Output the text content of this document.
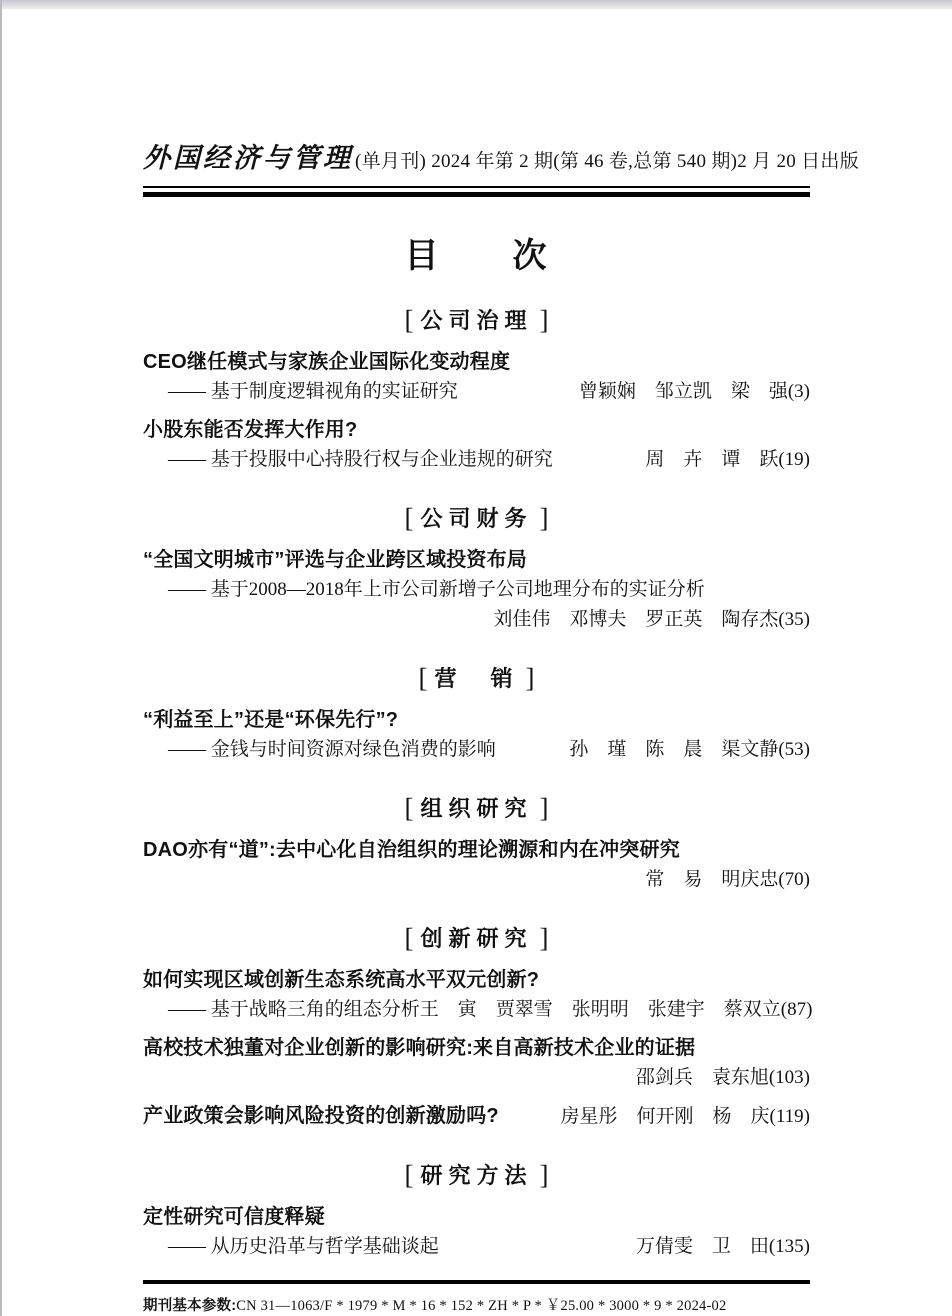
外国经济与管理 (单月刊) 2024 年第 2 期(第 46 卷,总第 540 期)2 月 20 日出版
目　　次
[ 公司治理 ]
CEO继任模式与家族企业国际化变动程度
—— 基于制度逻辑视角的实证研究	曾颖娴　邹立凯　梁　强(3)
小股东能否发挥大作用?
—— 基于投服中心持股行权与企业违规的研究	周　卉　谭　跃(19)
[ 公司财务 ]
“全国文明城市”评选与企业跨区域投资布局
—— 基于2008—2018年上市公司新增子公司地理分布的实证分析
刘佳伟　邓博夫　罗正英　陶存杰(35)
[ 营　销 ]
“利益至上”还是“环保先行”?
—— 金钱与时间资源对绿色消费的影响	孙　瑾　陈　晨　渠文静(53)
[ 组织研究 ]
DAO亦有“道”:去中心化自治组织的理论溯源和内在冲突研究
常　易　明庆忠(70)
[ 创新研究 ]
如何实现区域创新生态系统高水平双元创新?
—— 基于战略三角的组态分析 王　寅　贾翠雪　张明明　张建宇　蔡双立(87)
高校技术独董对企业创新的影响研究:来自高新技术企业的证据
邵剑兵　袁东旭(103)
产业政策会影响风险投资的创新激励吗?	房星彤　何开刚　杨　庆(119)
[ 研究方法 ]
定性研究可信度释疑
—— 从历史沿革与哲学基础谈起	万倩雯　卫　田(135)
期刊基本参数:CN 31—1063/F * 1979 * M * 16 * 152 * ZH * P * ￥25.00 * 3000 * 9 * 2024-02
